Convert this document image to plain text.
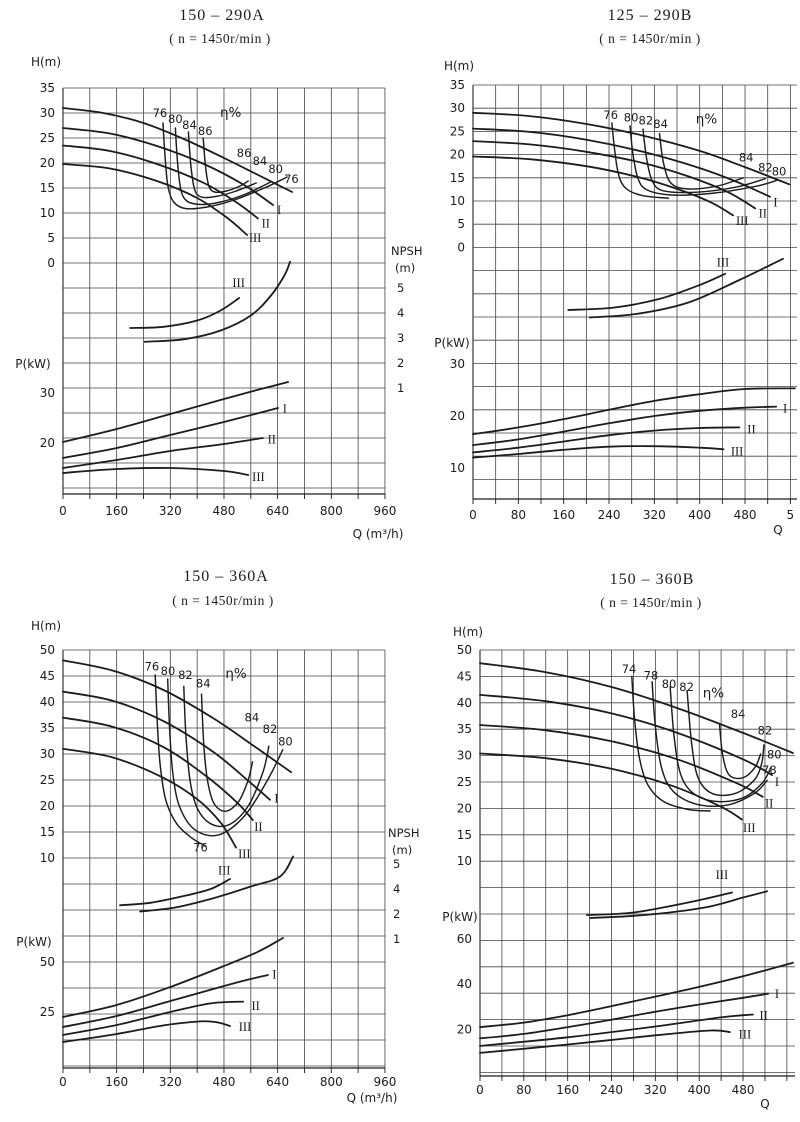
35
30
25
20
15
10
5
0
30
20
5
4
3
2
1
0	160	320	480	640	800	960
H(m)
P(kW)
NPSH
(m)
Q (m³/h)
I
II
III
III
I
II
III
η%
76 80 84 86
86
84
80
76
35
30
25
20
15
10
5
0
30
20
10
0	80 160 240 320 400 480	5
H(m)
P(kW)
Q
I
II
III
III
I
II
III
η%
76 80 82 84
84
82
80
50
45
40
35
30
25
20
15
10
50
25
5
4
2
1
0	160	320	480	640	800	960
H(m)
P(kW)
NPSH
(m)
Q (m³/h)
I
II
III
III
I
II
III
η%
76 80 82
84
84
82
80
76
50
45
40
35
30
25
20
15
10
60
40
20
0	80 160 240 320 400 480
H(m)
P(kW)
Q
I
II
III
III
I
II
III
η%
74 78
80 82
84
82
80
78
150 – 290A
( n = 1450r/min )
125 – 290B
( n = 1450r/min )
150 – 360A
( n = 1450r/min )
150 – 360B
( n = 1450r/min )
